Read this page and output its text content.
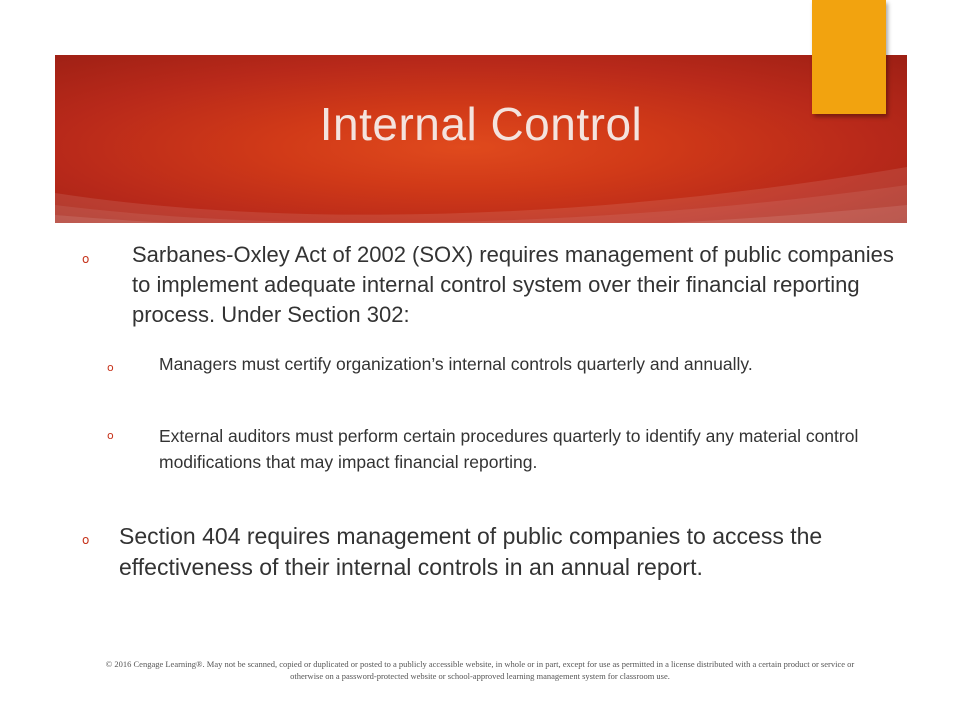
Internal Control
o Sarbanes-Oxley Act of 2002 (SOX) requires management of public companies to implement adequate internal control system over their financial reporting process. Under Section 302:
o	Managers must certify organization’s internal controls quarterly and annually.
o	External auditors must perform certain procedures quarterly to identify any material control modifications that may impact financial reporting.
o Section 404 requires management of public companies to access the effectiveness of their internal controls in an annual report.
© 2016 Cengage Learning®. May not be scanned, copied or duplicated or posted to a publicly accessible website, in whole or in part, except for use as permitted in a license distributed with a certain product or service or otherwise on a password-protected website or school-approved learning management system for classroom use.
